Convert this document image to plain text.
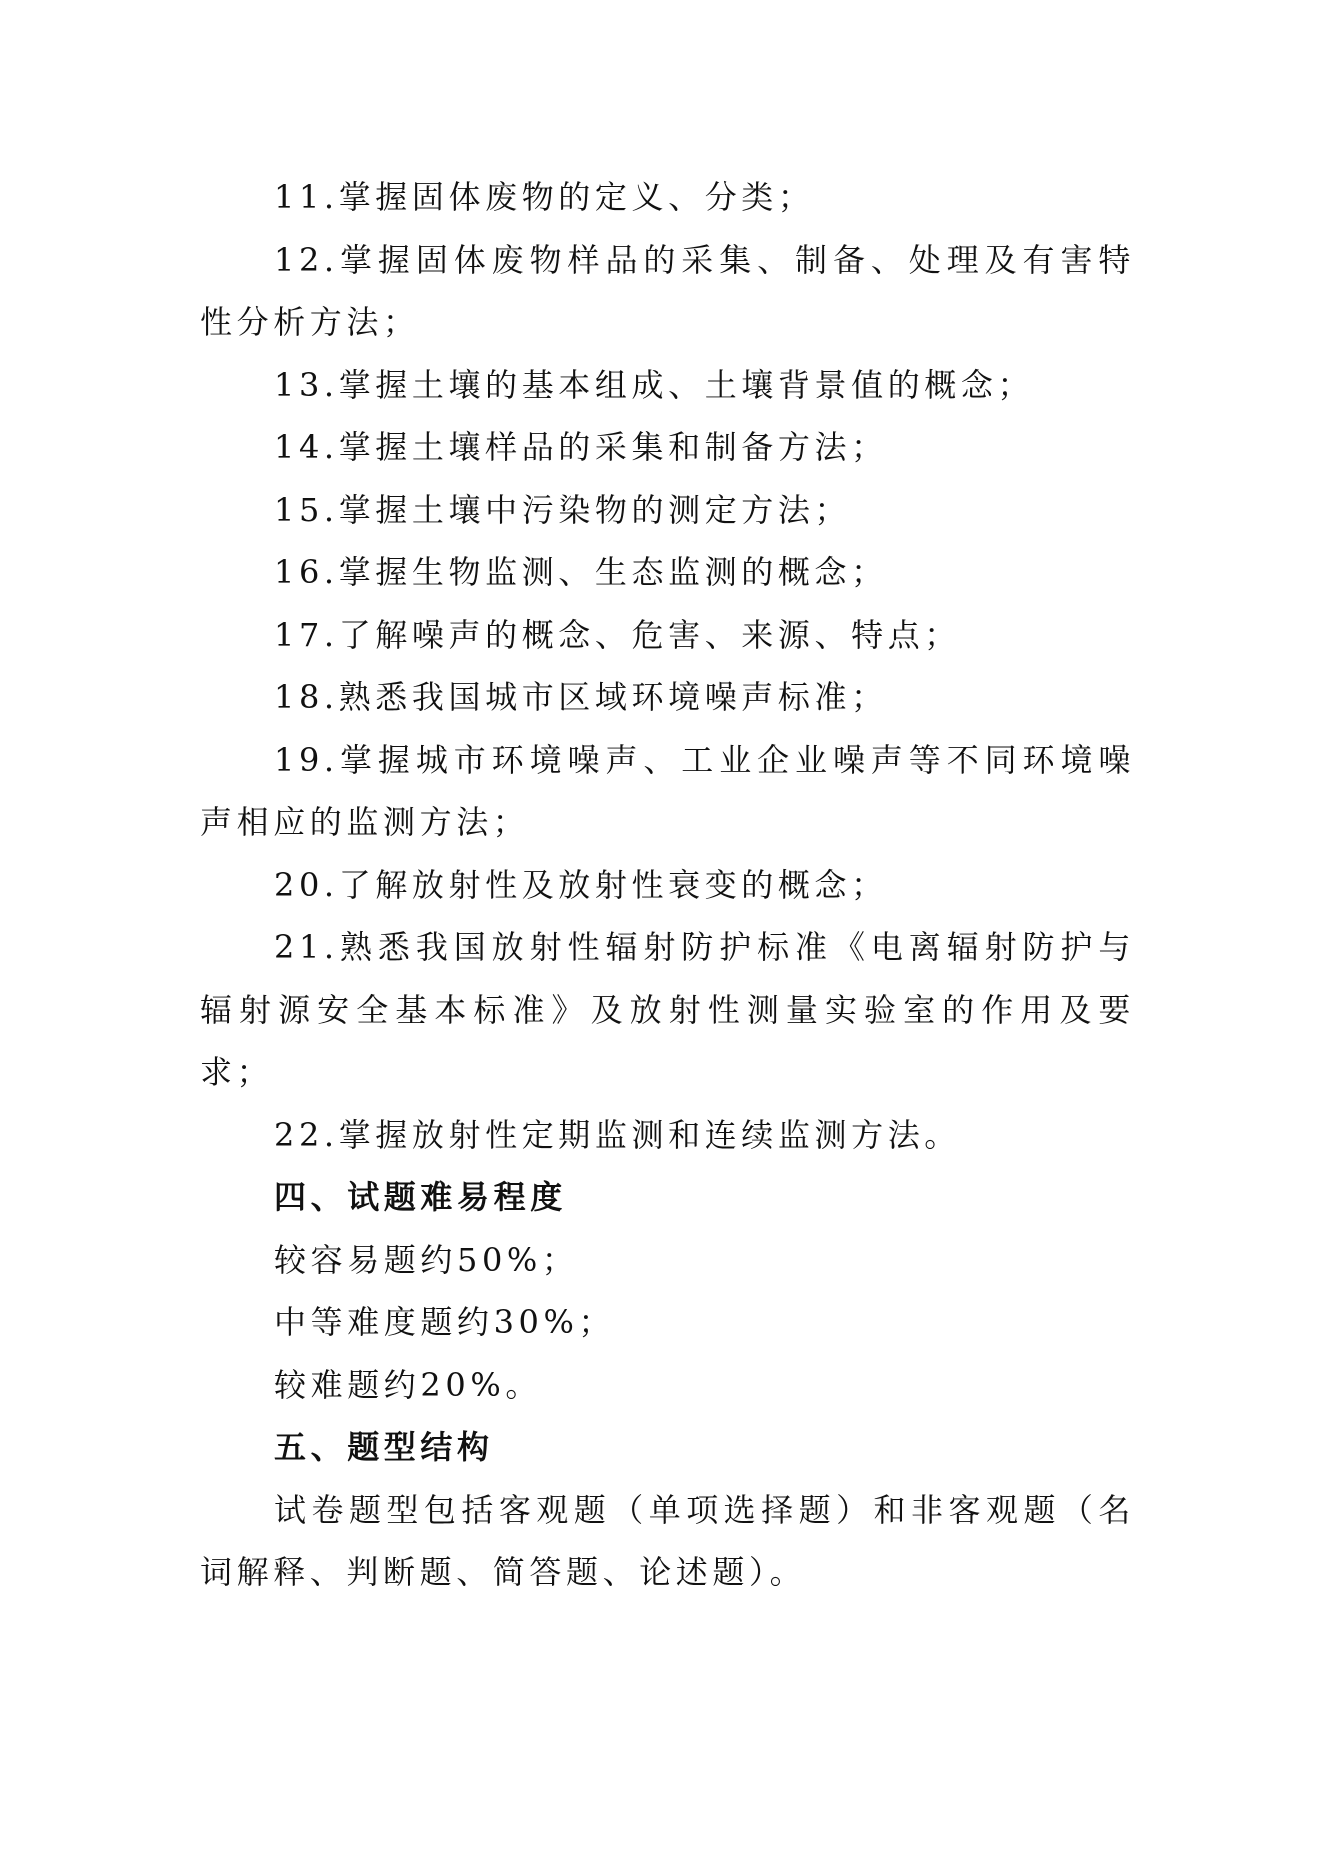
11.掌握固体废物的定义、分类；

12.掌握固体废物样品的采集、制备、处理及有害特性分析方法；

13.掌握土壤的基本组成、土壤背景值的概念；

14.掌握土壤样品的采集和制备方法；

15.掌握土壤中污染物的测定方法；

16.掌握生物监测、生态监测的概念；

17.了解噪声的概念、危害、来源、特点；

18.熟悉我国城市区域环境噪声标准；

19.掌握城市环境噪声、工业企业噪声等不同环境噪声相应的监测方法；

20.了解放射性及放射性衰变的概念；

21.熟悉我国放射性辐射防护标准《电离辐射防护与辐射源安全基本标准》及放射性测量实验室的作用及要求；

22.掌握放射性定期监测和连续监测方法。

四、试题难易程度

较容易题约50%；

中等难度题约30%；

较难题约20%。

五、题型结构

试卷题型包括客观题（单项选择题）和非客观题（名词解释、判断题、简答题、论述题）。
